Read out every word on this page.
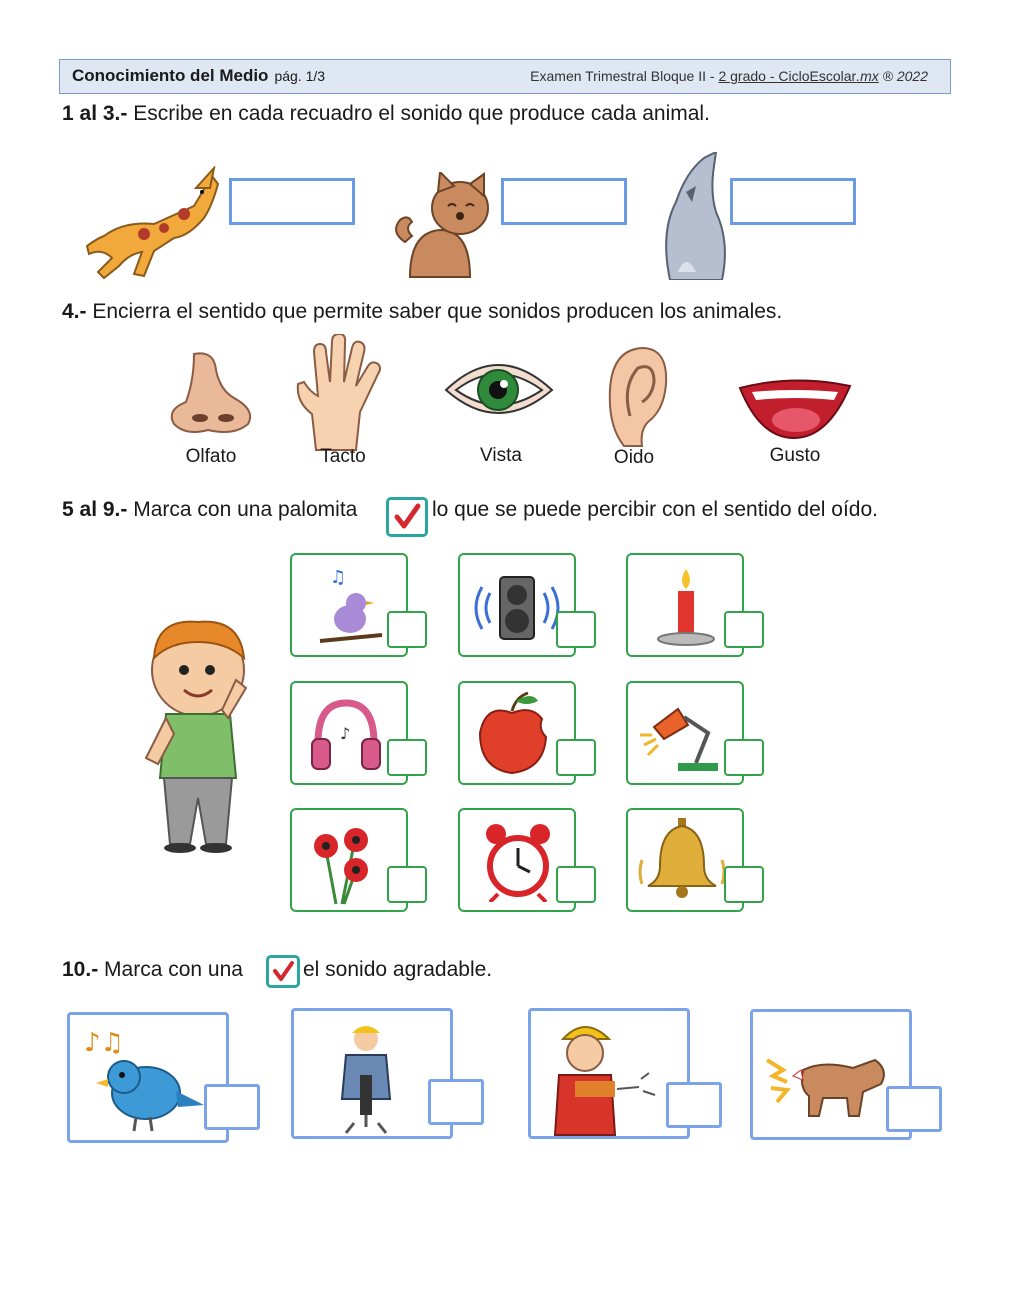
Conocimiento del Medio pág. 1/3	Examen Trimestral Bloque II - 2 grado - CicloEscolar.mx ® 2022
1 al 3.- Escribe en cada recuadro el sonido que produce cada animal.
4.- Encierra el sentido que permite saber que sonidos producen los animales.
Olfato	Tacto	Vista	Oido	Gusto
5 al 9.- Marca con una palomita	lo que se puede percibir con el sentido del oído.
♫
♪
10.- Marca con una	el sonido agradable.
♪♫
